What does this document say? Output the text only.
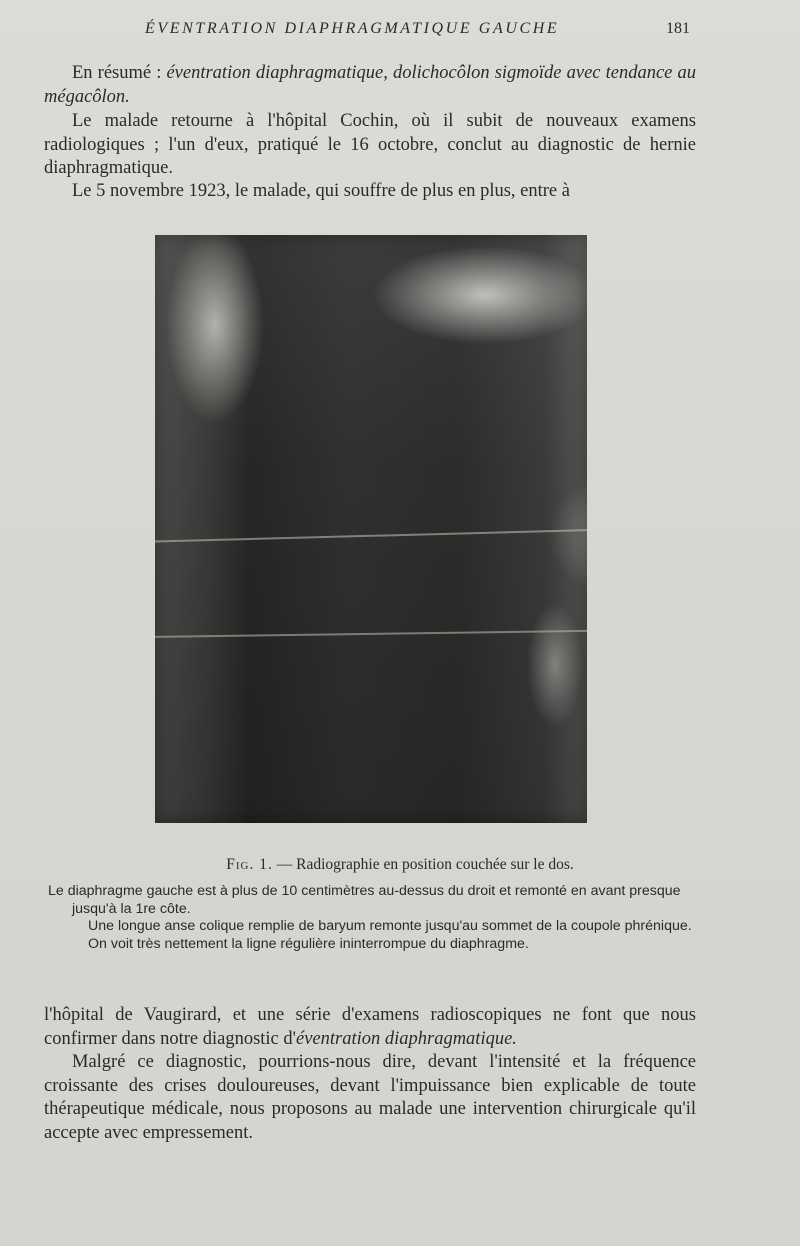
ÉVENTRATION DIAPHRAGMATIQUE GAUCHE	181

En résumé : éventration diaphragmatique, dolichocôlon sigmoïde avec tendance au mégacôlon.

Le malade retourne à l'hôpital Cochin, où il subit de nouveaux examens radiologiques ; l'un d'eux, pratiqué le 16 octobre, conclut au diagnostic de hernie diaphragmatique.

Le 5 novembre 1923, le malade, qui souffre de plus en plus, entre à

Fig. 1. — Radiographie en position couchée sur le dos.

Le diaphragme gauche est à plus de 10 centimètres au-dessus du droit et remonté en avant presque jusqu'à la 1re côte.
Une longue anse colique remplie de baryum remonte jusqu'au sommet de la coupole phrénique.
On voit très nettement la ligne régulière ininterrompue du diaphragme.

l'hôpital de Vaugirard, et une série d'examens radioscopiques ne font que nous confirmer dans notre diagnostic d'éventration diaphragmatique.

Malgré ce diagnostic, pourrions-nous dire, devant l'intensité et la fréquence croissante des crises douloureuses, devant l'impuissance bien explicable de toute thérapeutique médicale, nous proposons au malade une intervention chirurgicale qu'il accepte avec empressement.
